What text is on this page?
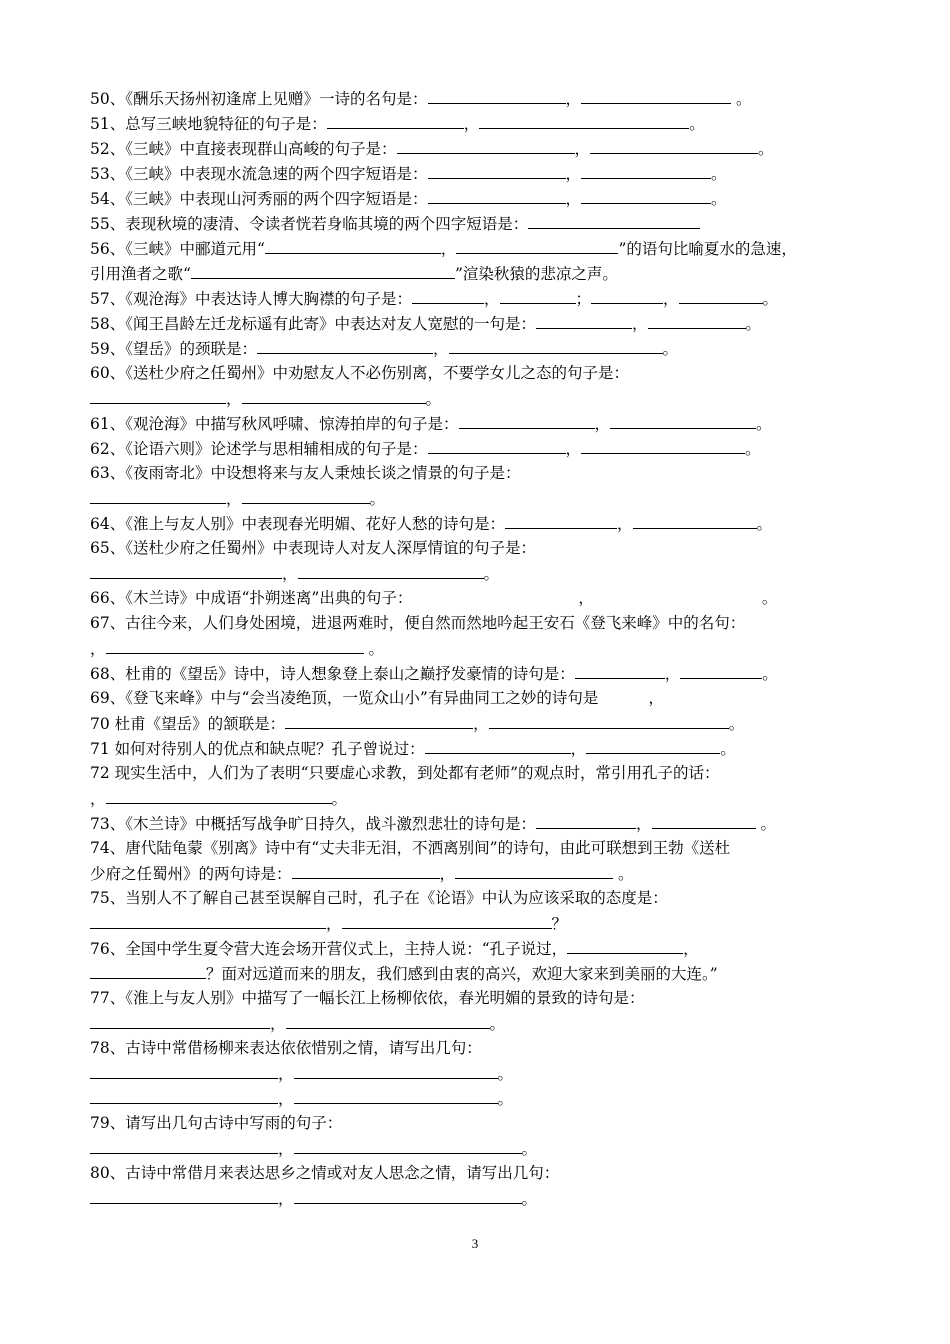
50、《酬乐天扬州初逢席上见赠》一诗的名句是：	，	。
51、总写三峡地貌特征的句子是：	，	。
52、《三峡》中直接表现群山高峻的句子是：	，	。
53、《三峡》中表现水流急速的两个四字短语是：	，	。
54、《三峡》中表现山河秀丽的两个四字短语是：	，	。
55、表现秋境的凄清、令读者恍若身临其境的两个四字短语是：
56、《三峡》中郦道元用“	，	”的语句比喻夏水的急速，
引用渔者之歌“	”渲染秋猿的悲凉之声。
57、《观沧海》中表达诗人博大胸襟的句子是：	，	；	，	。
58、《闻王昌龄左迁龙标遥有此寄》中表达对友人宽慰的一句是：	，	。
59、《望岳》的颈联是：	，	。
60、《送杜少府之任蜀州》中劝慰友人不必伤别离，不要学女儿之态的句子是：
，	。
61、《观沧海》中描写秋风呼啸、惊涛拍岸的句子是：	，	。
62、《论语六则》论述学与思相辅相成的句子是：	，	。
63、《夜雨寄北》中设想将来与友人秉烛长谈之情景的句子是：
，	。
64、《淮上与友人别》中表现春光明媚、花好人愁的诗句是：	，	。
65、《送杜少府之任蜀州》中表现诗人对友人深厚情谊的句子是：
，	。
66、《木兰诗》中成语“扑朔迷离”出典的句子：	，	。
67、古往今来，人们身处困境，进退两难时，便自然而然地吟起王安石《登飞来峰》中的名句：
，	。
68、杜甫的《望岳》诗中，诗人想象登上泰山之巅抒发豪情的诗句是：	，	。
69、《登飞来峰》中与“会当凌绝顶，一览众山小”有异曲同工之妙的诗句是	，
70 杜甫《望岳》的颔联是：	，	。
71 如何对待别人的优点和缺点呢？孔子曾说过：	，	。
72 现实生活中，人们为了表明“只要虚心求教，到处都有老师”的观点时，常引用孔子的话：
，	。
73、《木兰诗》中概括写战争旷日持久，战斗激烈悲壮的诗句是：	，	。
74、唐代陆龟蒙《别离》诗中有“丈夫非无泪，不洒离别间”的诗句，由此可联想到王勃《送杜
少府之任蜀州》的两句诗是：	，	。
75、当别人不了解自己甚至误解自己时，孔子在《论语》中认为应该采取的态度是：
，	？
76、全国中学生夏令营大连会场开营仪式上，主持人说：“孔子说过，	，
？面对远道而来的朋友，我们感到由衷的高兴，欢迎大家来到美丽的大连。”
77、《淮上与友人别》中描写了一幅长江上杨柳依依，春光明媚的景致的诗句是：
，	。
78、古诗中常借杨柳来表达依依惜别之情，请写出几句：
，	。
，	。
79、请写出几句古诗中写雨的句子：
，	。
80、古诗中常借月来表达思乡之情或对友人思念之情，请写出几句：
，	。
3
